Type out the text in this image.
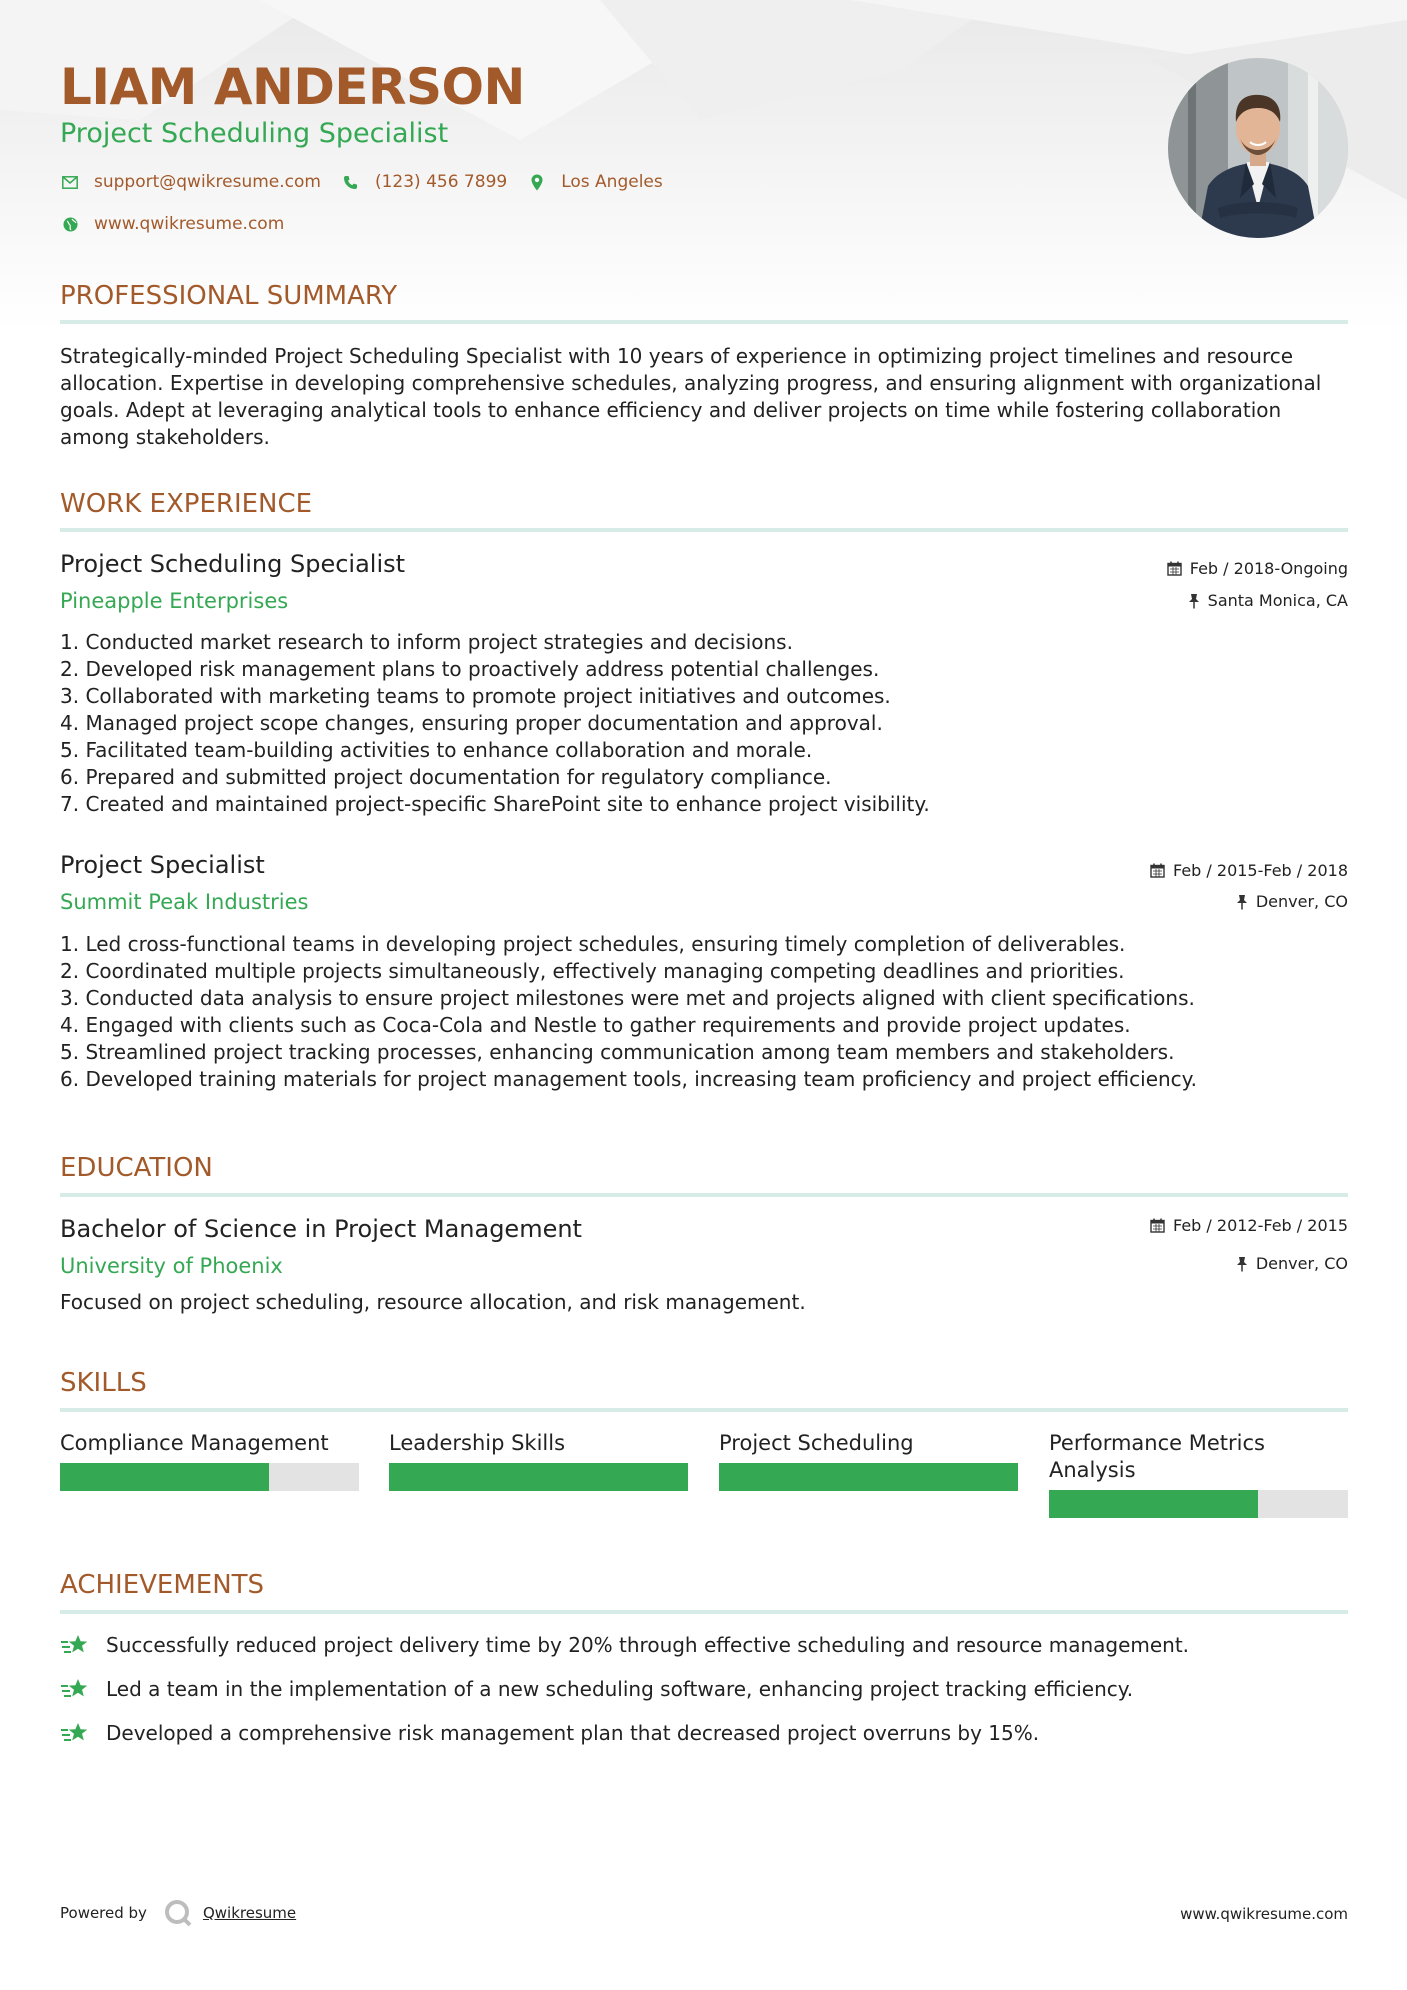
LIAM ANDERSON
Project Scheduling Specialist
support@qwikresume.com	(123) 456 7899	Los Angeles
www.qwikresume.com
PROFESSIONAL SUMMARY
Strategically-minded Project Scheduling Specialist with 10 years of experience in optimizing project timelines and resource allocation. Expertise in developing comprehensive schedules, analyzing progress, and ensuring alignment with organizational goals. Adept at leveraging analytical tools to enhance efficiency and deliver projects on time while fostering collaboration among stakeholders.
WORK EXPERIENCE
Project Scheduling Specialist
Pineapple Enterprises
Feb / 2018-Ongoing
Santa Monica, CA
1. Conducted market research to inform project strategies and decisions.
2. Developed risk management plans to proactively address potential challenges.
3. Collaborated with marketing teams to promote project initiatives and outcomes.
4. Managed project scope changes, ensuring proper documentation and approval.
5. Facilitated team-building activities to enhance collaboration and morale.
6. Prepared and submitted project documentation for regulatory compliance.
7. Created and maintained project-specific SharePoint site to enhance project visibility.
Project Specialist
Summit Peak Industries
Feb / 2015-Feb / 2018
Denver, CO
1. Led cross-functional teams in developing project schedules, ensuring timely completion of deliverables.
2. Coordinated multiple projects simultaneously, effectively managing competing deadlines and priorities.
3. Conducted data analysis to ensure project milestones were met and projects aligned with client specifications.
4. Engaged with clients such as Coca-Cola and Nestle to gather requirements and provide project updates.
5. Streamlined project tracking processes, enhancing communication among team members and stakeholders.
6. Developed training materials for project management tools, increasing team proficiency and project efficiency.
EDUCATION
Bachelor of Science in Project Management
University of Phoenix
Feb / 2012-Feb / 2015
Denver, CO
Focused on project scheduling, resource allocation, and risk management.
SKILLS
Compliance Management	Leadership Skills	Project Scheduling	Performance Metrics Analysis
ACHIEVEMENTS
Successfully reduced project delivery time by 20% through effective scheduling and resource management.
Led a team in the implementation of a new scheduling software, enhancing project tracking efficiency.
Developed a comprehensive risk management plan that decreased project overruns by 15%.
Powered by	Qwikresume	www.qwikresume.com
